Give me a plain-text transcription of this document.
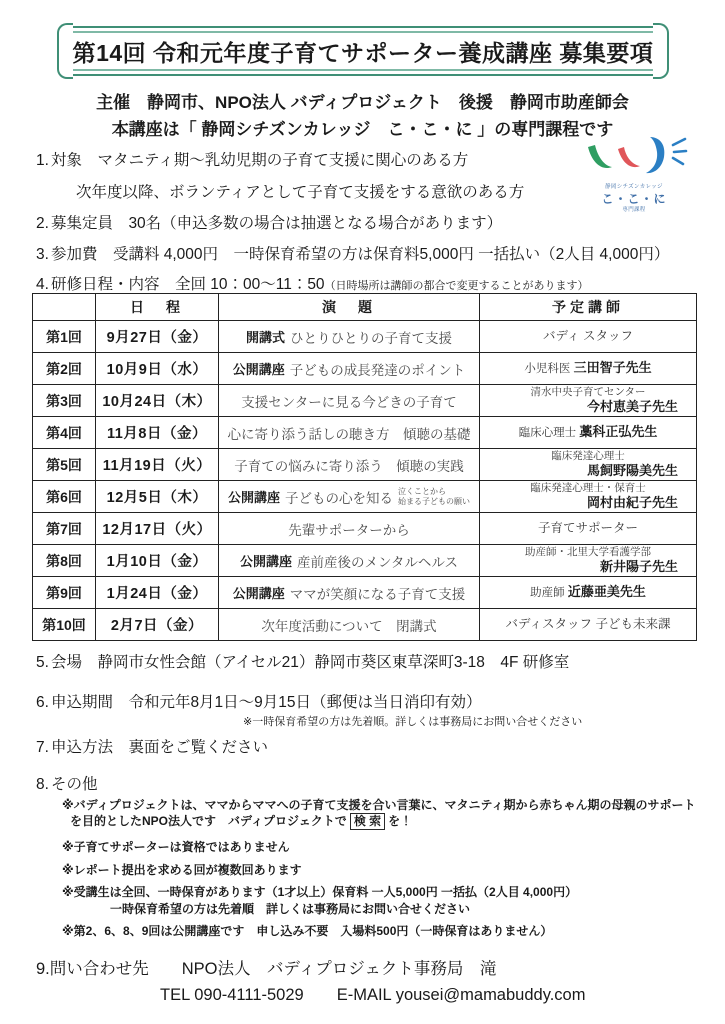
第14回 令和元年度子育てサポーター養成講座 募集要項
主催　静岡市、NPO法人 バディプロジェクト　後援　静岡市助産師会
本講座は「 静岡シチズンカレッジ　こ・こ・に 」の専門課程です
静岡シチズンカレッジ
こ・こ・に
専門課程
1. 対象　マタニティ期～乳幼児期の子育て支援に関心のある方
次年度以降、ボランティアとして子育て支援をする意欲のある方
2. 募集定員　30名（申込多数の場合は抽選となる場合があります）
3. 参加費　受講料 4,000円　一時保育希望の方は保育料5,000円 一括払い（2人目 4,000円）
4. 研修日程・内容　全回 10：00～11：50（日時場所は講師の都合で変更することがあります）
	日　程	演　題	予定講師
第1回	9月27日（金）	開講式 ひとりひとりの子育て支援	バディ スタッフ
第2回	10月9日（水）	公開講座 子どもの成長発達のポイント	小児科医 三田智子先生
第3回	10月24日（木）	支援センターに見る今どきの子育て	清水中央子育てセンター
今村恵美子先生

第4回	11月8日（金）	心に寄り添う話しの聴き方　傾聴の基礎	臨床心理士 藁科正弘先生
第5回	11月19日（火）	子育ての悩みに寄り添う　傾聴の実践	臨床発達心理士
馬飼野陽美先生

第6回	12月5日（木）	公開講座 子どもの心を知る 泣くことから
始まる子どもの願い	臨床発達心理士・保育士
岡村由紀子先生

第7回	12月17日（火）	先輩サポーターから	子育てサポーター
第8回	1月10日（金）	公開講座 産前産後のメンタルヘルス	助産師・北里大学看護学部
新井陽子先生

第9回	1月24日（金）	公開講座 ママが笑顔になる子育て支援	助産師 近藤亜美先生
第10回	2月7日（金）	次年度活動について　閉講式	バディスタッフ 子ども未来課
5. 会場　静岡市女性会館（アイセル21）静岡市葵区東草深町3-18　4F 研修室
6. 申込期間　令和元年8月1日～9月15日（郵便は当日消印有効）
※一時保育希望の方は先着順。詳しくは事務局にお問い合せください
7. 申込方法　裏面をご覧ください
8. その他
※バディプロジェクトは、ママからママへの子育て支援を合い言葉に、マタニティ期から赤ちゃん期の母親のサポート
を目的としたNPO法人です　バディプロジェクトで 検 索 を！
※子育てサポーターは資格ではありません
※レポート提出を求める回が複数回あります
※受講生は全回、一時保育があります（1才以上）保育料 一人5,000円 一括払（2人目 4,000円）
一時保育希望の方は先着順　詳しくは事務局にお問い合せください
※第2、6、8、9回は公開講座です　申し込み不要　入場料500円（一時保育はありません）
9.問い合わせ先　　NPO法人　バディプロジェクト事務局　滝
TEL 090-4111-5029　　E-MAIL yousei@mamabuddy.com
